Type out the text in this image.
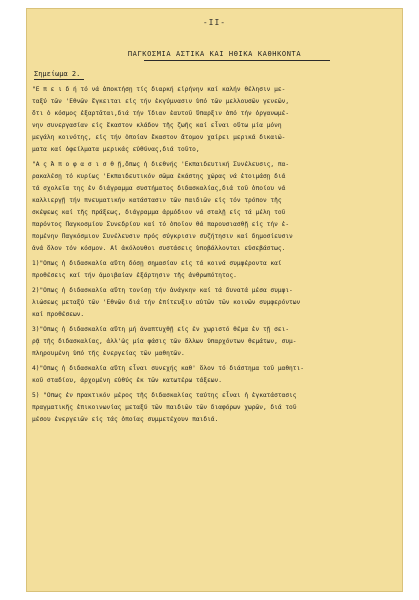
-II-
ΠΑΓΚΟΣΜΙΑ ΑΣΤΙΚΑ ΚΑΙ ΗΘΙΚΑ ΚΑΘΗΚΟΝΤΑ
Σημείωμα 2.
"Ε π ε ι δ ή τό νά ἀποκτήσῃ τίς διαρκή εἰρήνην καί καλήν θέλησιν με-
ταξύ τῶν 'Εθνῶν ἔγκειται εἰς τήν ἐκγύμνασιν ὑπό τῶν μελλουσῶν γενεῶν,
ὅτι ὁ κόσμος ἐξαρτᾶται,διά τήν ἴδιαν ἑαυτοῦ ὕπαρξιν ἀπό τήν ὀργανωμέ-
νην συνεργασίαν εἰς ἕκαστον κλάδον τῆς ζωῆς καί εἶναι οὕτω μία μόνη
μεγάλη κοινότης, εἰς τήν ὁποίαν ἕκαστον ἄτομον χαίρει μερικά δικαιώ-
ματα καί ὀφείλματα μερικάς εὐθύνας,διά τοῦτο,
"Α ς Ά π ο φ α σ ι σ θ ῇ,ὅπως ἡ διεθνής 'Εκπαιδευτική Συνέλευσις, πα-
ρακαλέσῃ τό κυρίως 'Εκπαιδευτικόν σῶμα ἑκάστης χώρας νά ἑτοιμάσῃ διά
τά σχολεῖα της ἐν διάγραμμα συστήματος διδασκαλίας,διά τοῦ ὁποίου νά
καλλιεργῇ τήν πνευματικήν κατάστασιν τῶν παιδιῶν εἰς τόν τρόπον τῆς
σκέψεως καί τῆς πράξεως, διάγραμμα ἁρμόδιον νά σταλῇ εἰς τά μέλη τοῦ
παρόντος Παγκοσμίου Συνεδρίου καί τό ὁποῖον θά παρουσιασθῇ εἰς τήν ἐ-
πομένην Παγκόσμιον Συνέλευσιν πρός σύγκρισιν συζήτησιν καί δημοσίευσιν
ἀνά ὅλον τόν κόσμον. Αἱ ἀκόλουθοι συστάσεις ὑποβάλλονται εὐσεβάστως.
1)"Οπως ἡ διδασκαλία αὕτη δόσῃ σημασίαν εἰς τά κοινά συμφέροντα καί
προθέσεις καί τήν ἀμοιβαίαν ἐξάρτησιν τῆς ἀνθρωπότητος.
2)"Οπως ἡ διδασκαλία αὕτη τονίσῃ τήν ἀνάγκην καί τά δυνατά μέσα συμφι-
λιώσεως μεταξύ τῶν 'Εθνῶν διά τήν ἐπίτευξιν αὐτῶν τῶν κοινῶν συμφερόντων
καί προθέσεων.
3)"Οπως ἡ διδασκαλία αὕτη μή ἀναπτυχθῇ εἰς ἐν χωριστό θέμα ἐν τῇ σει-
ρᾷ τῆς διδασκαλίας, ἀλλ'ὡς μία φάσις τῶν ἄλλων ὑπαρχόντων θεμάτων, συμ-
πληρουμένη ὑπό τῆς ἐνεργείας τῶν μαθητῶν.
4)"Οπως ἡ διδασκαλία αὕτη εἶναι συνεχής καθ' ὅλον τό διάστημα τοῦ μαθητι-
κοῦ σταδίου, ἀρχομένη εὐθύς ἐκ τῶν κατωτέρω τάξεων.
5) "Οπως ἐν πρακτικόν μέρος τῆς διδασκαλίας ταύτης εἶναι ἡ ἐγκατάστασις
πραγματικῆς ἐπικοινωνίας μεταξύ τῶν παιδιῶν τῶν διαφόρων χωρῶν, διά τοῦ
μέσου ἐνεργειῶν εἰς τάς ὁποίας συμμετέχουν παιδιά.
